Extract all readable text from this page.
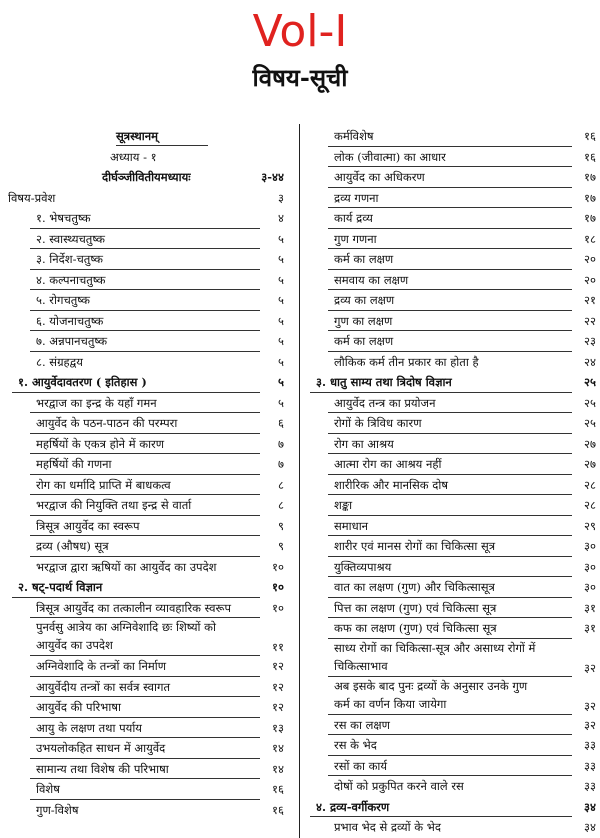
Vol-I
विषय-सूची
सूत्रस्थानम्
अध्याय - १
दीर्घञ्जीवितीयमध्यायः	३-४४
विषय-प्रवेश	३
१. भेषचतुष्क	४
२. स्वास्थ्यचतुष्क	५
३. निर्देश-चतुष्क	५
४. कल्पनाचतुष्क	५
५. रोगचतुष्क	५
६. योजनाचतुष्क	५
७. अन्नपानचतुष्क	५
८. संग्रहद्वय	५
१. आयुर्वेदावतरण ( इतिहास )	५
भरद्वाज का इन्द्र के यहाँ गमन	५
आयुर्वेद के पठन-पाठन की परम्परा	६
महर्षियों के एकत्र होने में कारण	७
महर्षियों की गणना	७
रोग का धर्मादि प्राप्ति में बाधकत्व	८
भरद्वाज की नियुक्ति तथा इन्द्र से वार्ता	८
त्रिसूत्र आयुर्वेद का स्वरूप	९
द्रव्य (औषध) सूत्र	९
भरद्वाज द्वारा ऋषियों का आयुर्वेद का उपदेश	१०
२. षट्-पदार्थ विज्ञान	१०
त्रिसूत्र आयुर्वेद का तत्कालीन व्यावहारिक स्वरूप	१०
पुनर्वसु आत्रेय का अग्निवेशादि छः शिष्यों को आयुर्वेद का उपदेश	११
अग्निवेशादि के तन्त्रों का निर्माण	१२
आयुर्वेदीय तन्त्रों का सर्वत्र स्वागत	१२
आयुर्वेद की परिभाषा	१२
आयु के लक्षण तथा पर्याय	१३
उभयलोकहित साधन में आयुर्वेद	१४
सामान्य तथा विशेष की परिभाषा	१४
विशेष	१६
गुण-विशेष	१६
कर्मविशेष	१६
लोक (जीवात्मा) का आधार	१६
आयुर्वेद का अधिकरण	१७
द्रव्य गणना	१७
कार्य द्रव्य	१७
गुण गणना	१८
कर्म का लक्षण	२०
समवाय का लक्षण	२०
द्रव्य का लक्षण	२१
गुण का लक्षण	२२
कर्म का लक्षण	२३
लौकिक कर्म तीन प्रकार का होता है	२४
३. धातु साम्य तथा त्रिदोष विज्ञान	२५
आयुर्वेद तन्त्र का प्रयोजन	२५
रोगों के त्रिविध कारण	२५
रोग का आश्रय	२७
आत्मा रोग का आश्रय नहीं	२७
शारीरिक और मानसिक दोष	२८
शङ्का	२८
समाधान	२९
शारीर एवं मानस रोगों का चिकित्सा सूत्र	३०
युक्तिव्यपाश्रय	३०
वात का लक्षण (गुण) और चिकित्सासूत्र	३०
पित्त का लक्षण (गुण) एवं चिकित्सा सूत्र	३१
कफ का लक्षण (गुण) एवं चिकित्सा सूत्र	३१
साध्य रोगों का चिकित्सा-सूत्र और असाध्य रोगों में चिकित्साभाव	३२
अब इसके बाद पुनः द्रव्यों के अनुसार उनके गुण कर्म का वर्णन किया जायेगा	३२
रस का लक्षण	३२
रस के भेद	३३
रसों का कार्य	३३
दोषों को प्रकुपित करने वाले रस	३३
४. द्रव्य-वर्गीकरण	३४
प्रभाव भेद से द्रव्यों के भेद	३४
